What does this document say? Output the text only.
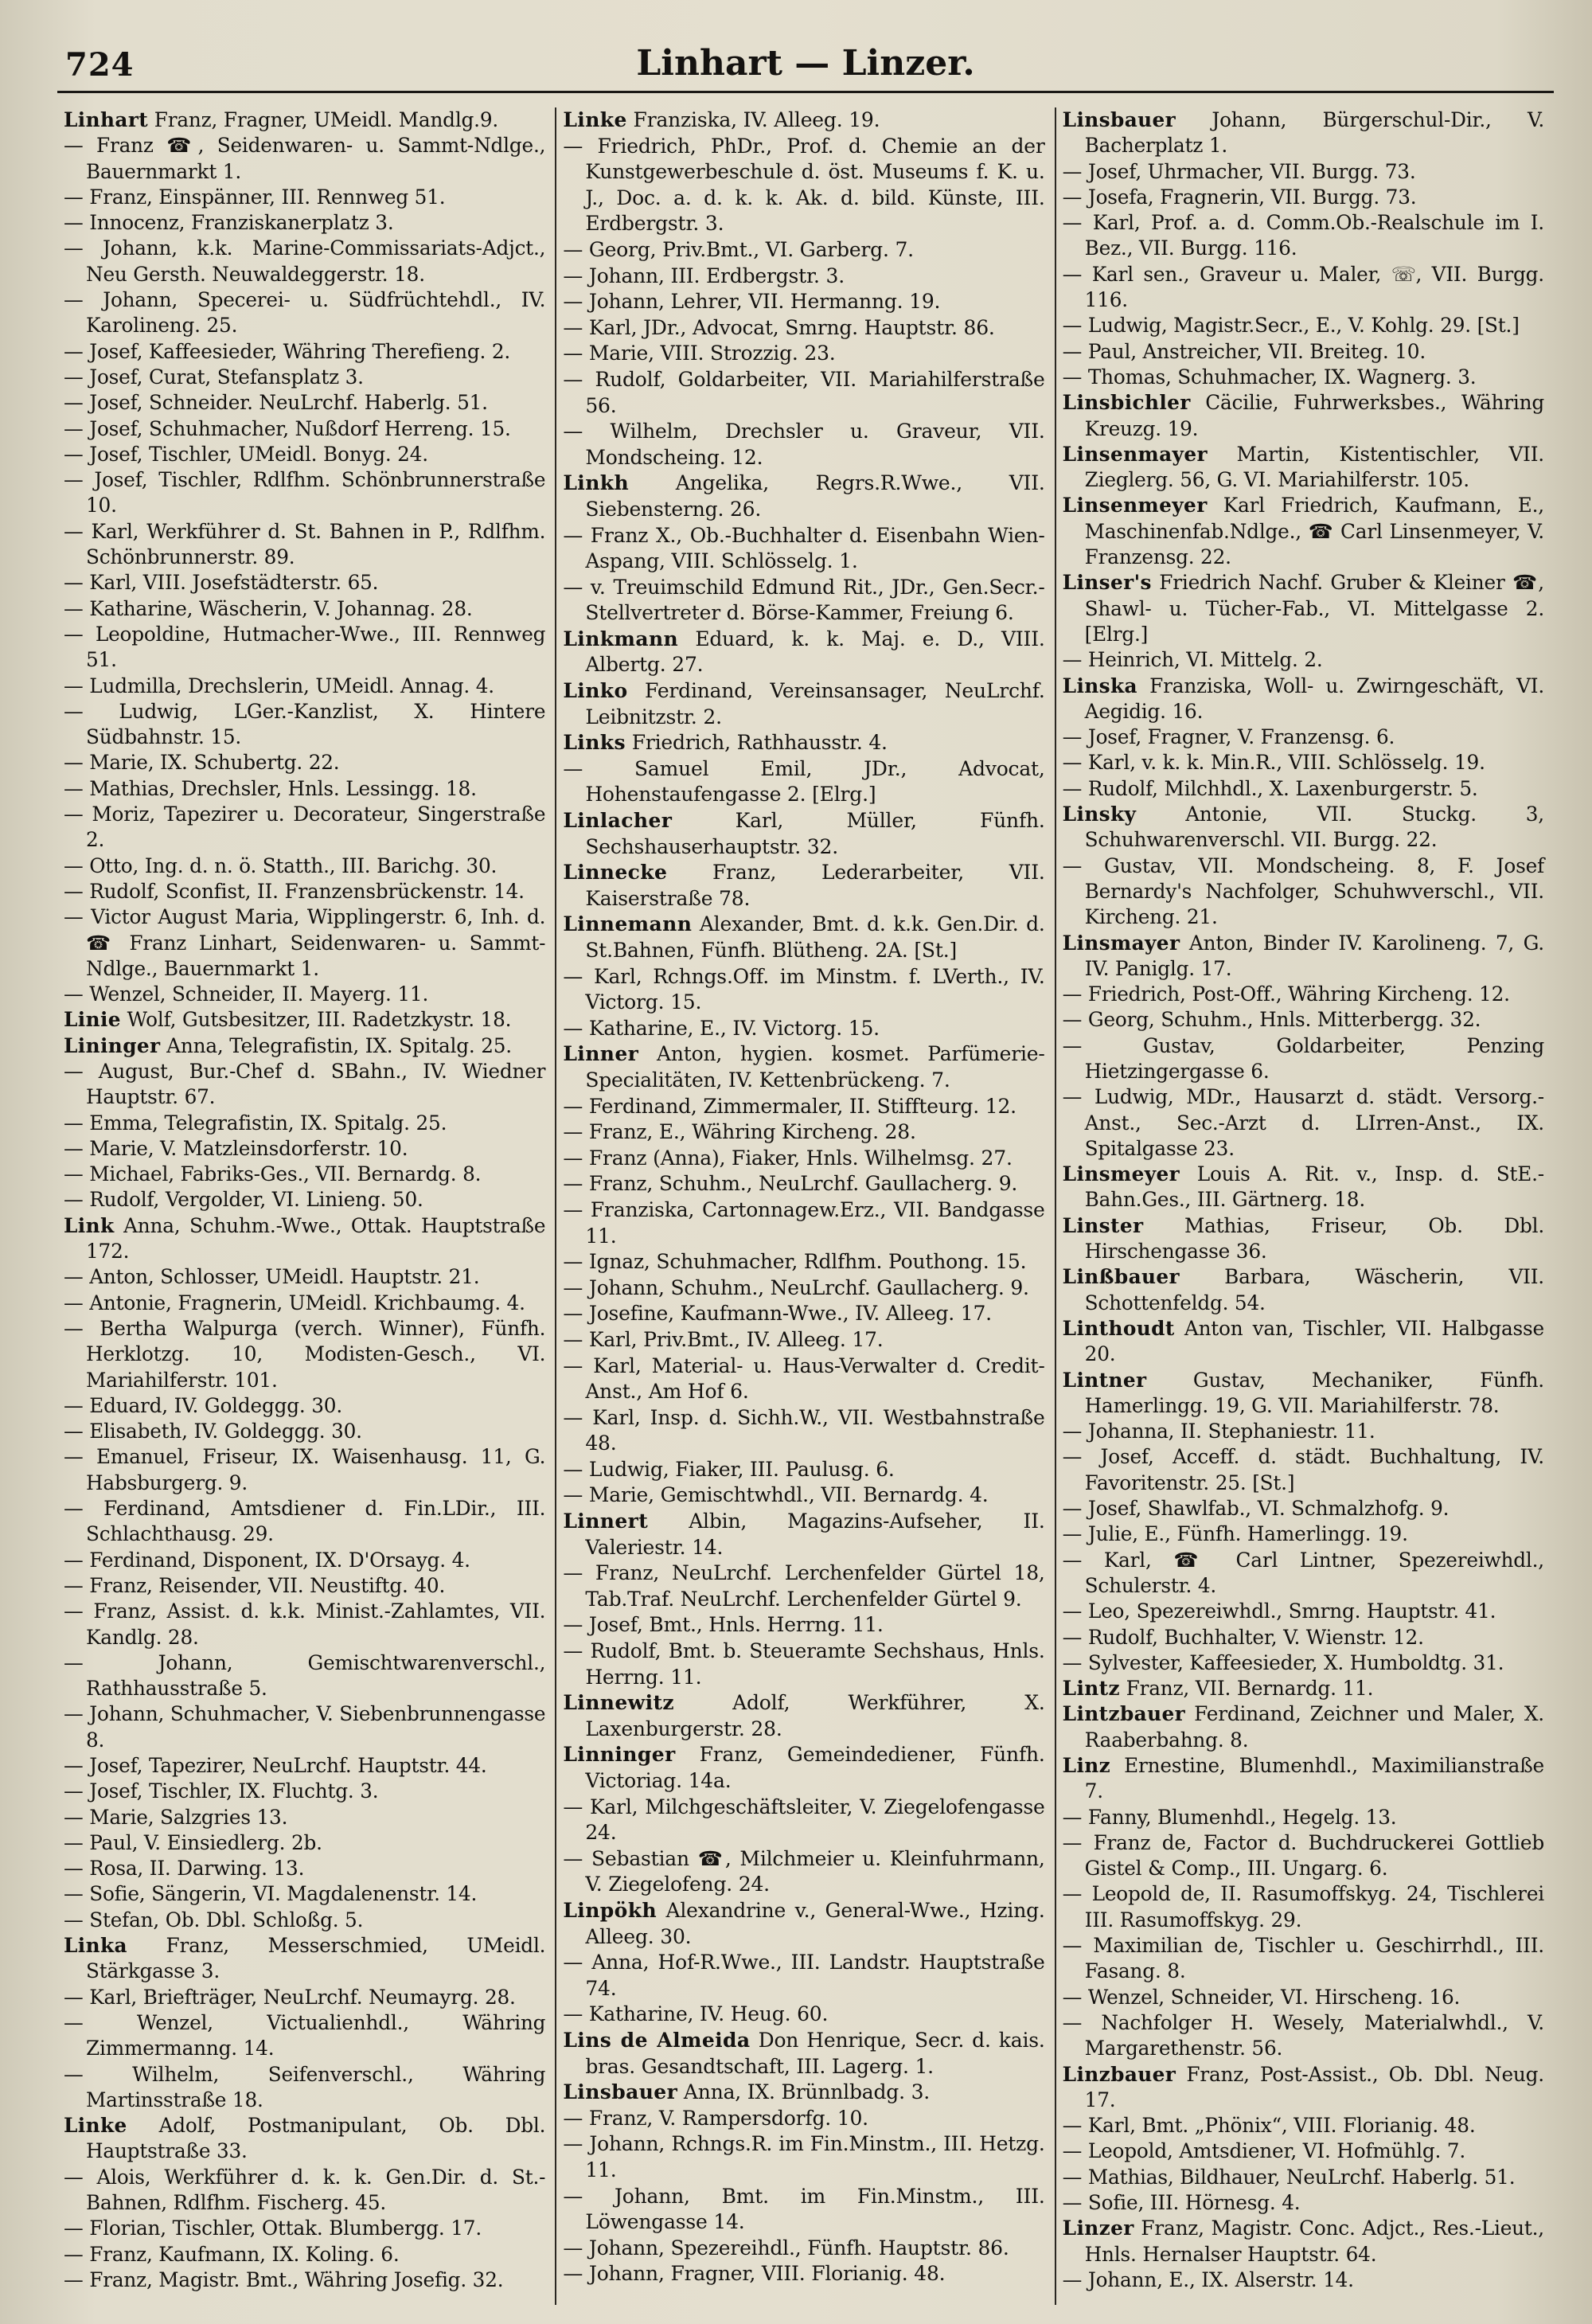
724	Linhart — Linzer.
Linhart Franz, Fragner, UMeidl. Mandlg.9.
— Franz ☎, Seidenwaren- u. Sammt-Ndlge., Bauernmarkt 1.
— Franz, Einspänner, III. Rennweg 51.
— Innocenz, Franziskanerplatz 3.
— Johann, k.k. Marine-Commissariats-Adjct., Neu Gersth. Neuwaldeggerstr. 18.
— Johann, Specerei- u. Südfrüchtehdl., IV. Karolineng. 25.
— Josef, Kaffeesieder, Währing Therefieng. 2.
— Josef, Curat, Stefansplatz 3.
— Josef, Schneider. NeuLrchf. Haberlg. 51.
— Josef, Schuhmacher, Nußdorf Herreng. 15.
— Josef, Tischler, UMeidl. Bonyg. 24.
— Josef, Tischler, Rdlfhm. Schönbrunnerstraße 10.
— Karl, Werkführer d. St. Bahnen in P., Rdlfhm. Schönbrunnerstr. 89.
— Karl, VIII. Josefstädterstr. 65.
— Katharine, Wäscherin, V. Johannag. 28.
— Leopoldine, Hutmacher-Wwe., III. Rennweg 51.
— Ludmilla, Drechslerin, UMeidl. Annag. 4.
— Ludwig, LGer.-Kanzlist, X. Hintere Südbahnstr. 15.
— Marie, IX. Schubertg. 22.
— Mathias, Drechsler, Hnls. Lessingg. 18.
— Moriz, Tapezirer u. Decorateur, Singerstraße 2.
— Otto, Ing. d. n. ö. Statth., III. Barichg. 30.
— Rudolf, Sconfist, II. Franzensbrückenstr. 14.
— Victor August Maria, Wipplingerstr. 6, Inh. d. ☎ Franz Linhart, Seidenwaren- u. Sammt-Ndlge., Bauernmarkt 1.
— Wenzel, Schneider, II. Mayerg. 11.
Linie Wolf, Gutsbesitzer, III. Radetzkystr. 18.
Lininger Anna, Telegrafistin, IX. Spitalg. 25.
— August, Bur.-Chef d. SBahn., IV. Wiedner Hauptstr. 67.
— Emma, Telegrafistin, IX. Spitalg. 25.
— Marie, V. Matzleinsdorferstr. 10.
— Michael, Fabriks-Ges., VII. Bernardg. 8.
— Rudolf, Vergolder, VI. Linieng. 50.
Link Anna, Schuhm.-Wwe., Ottak. Hauptstraße 172.
— Anton, Schlosser, UMeidl. Hauptstr. 21.
— Antonie, Fragnerin, UMeidl. Krichbaumg. 4.
— Bertha Walpurga (verch. Winner), Fünfh. Herklotzg. 10, Modisten-Gesch., VI. Mariahilferstr. 101.
— Eduard, IV. Goldeggg. 30.
— Elisabeth, IV. Goldeggg. 30.
— Emanuel, Friseur, IX. Waisenhausg. 11, G. Habsburgerg. 9.
— Ferdinand, Amtsdiener d. Fin.LDir., III. Schlachthausg. 29.
— Ferdinand, Disponent, IX. D'Orsayg. 4.
— Franz, Reisender, VII. Neustiftg. 40.
— Franz, Assist. d. k.k. Minist.-Zahlamtes, VII. Kandlg. 28.
— Johann, Gemischtwarenverschl., Rathhausstraße 5.
— Johann, Schuhmacher, V. Siebenbrunnengasse 8.
— Josef, Tapezirer, NeuLrchf. Hauptstr. 44.
— Josef, Tischler, IX. Fluchtg. 3.
— Marie, Salzgries 13.
— Paul, V. Einsiedlerg. 2b.
— Rosa, II. Darwing. 13.
— Sofie, Sängerin, VI. Magdalenenstr. 14.
— Stefan, Ob. Dbl. Schloßg. 5.
Linka Franz, Messerschmied, UMeidl. Stärkgasse 3.
— Karl, Briefträger, NeuLrchf. Neumayrg. 28.
— Wenzel, Victualienhdl., Währing Zimmermanng. 14.
— Wilhelm, Seifenverschl., Währing Martinsstraße 18.
Linke Adolf, Postmanipulant, Ob. Dbl. Hauptstraße 33.
— Alois, Werkführer d. k. k. Gen.Dir. d. St.-Bahnen, Rdlfhm. Fischerg. 45.
— Florian, Tischler, Ottak. Blumbergg. 17.
— Franz, Kaufmann, IX. Koling. 6.
— Franz, Magistr. Bmt., Währing Josefig. 32.
Linke Franziska, IV. Alleeg. 19.
— Friedrich, PhDr., Prof. d. Chemie an der Kunstgewerbeschule d. öst. Museums f. K. u. J., Doc. a. d. k. k. Ak. d. bild. Künste, III. Erdbergstr. 3.
— Georg, Priv.Bmt., VI. Garberg. 7.
— Johann, III. Erdbergstr. 3.
— Johann, Lehrer, VII. Hermanng. 19.
— Karl, JDr., Advocat, Smrng. Hauptstr. 86.
— Marie, VIII. Strozzig. 23.
— Rudolf, Goldarbeiter, VII. Mariahilferstraße 56.
— Wilhelm, Drechsler u. Graveur, VII. Mondscheing. 12.
Linkh Angelika, Regrs.R.Wwe., VII. Siebensterng. 26.
— Franz X., Ob.-Buchhalter d. Eisenbahn Wien-Aspang, VIII. Schlösselg. 1.
— v. Treuimschild Edmund Rit., JDr., Gen.Secr.-Stellvertreter d. Börse-Kammer, Freiung 6.
Linkmann Eduard, k. k. Maj. e. D., VIII. Albertg. 27.
Linko Ferdinand, Vereinsansager, NeuLrchf. Leibnitzstr. 2.
Links Friedrich, Rathhausstr. 4.
— Samuel Emil, JDr., Advocat, Hohenstaufengasse 2. [Elrg.]
Linlacher Karl, Müller, Fünfh. Sechshauserhauptstr. 32.
Linnecke Franz, Lederarbeiter, VII. Kaiserstraße 78.
Linnemann Alexander, Bmt. d. k.k. Gen.Dir. d. St.Bahnen, Fünfh. Blütheng. 2A. [St.]
— Karl, Rchngs.Off. im Minstm. f. LVerth., IV. Victorg. 15.
— Katharine, E., IV. Victorg. 15.
Linner Anton, hygien. kosmet. Parfümerie-Specialitäten, IV. Kettenbrückeng. 7.
— Ferdinand, Zimmermaler, II. Stiffteurg. 12.
— Franz, E., Währing Kircheng. 28.
— Franz (Anna), Fiaker, Hnls. Wilhelmsg. 27.
— Franz, Schuhm., NeuLrchf. Gaullacherg. 9.
— Franziska, Cartonnagew.Erz., VII. Bandgasse 11.
— Ignaz, Schuhmacher, Rdlfhm. Pouthong. 15.
— Johann, Schuhm., NeuLrchf. Gaullacherg. 9.
— Josefine, Kaufmann-Wwe., IV. Alleeg. 17.
— Karl, Priv.Bmt., IV. Alleeg. 17.
— Karl, Material- u. Haus-Verwalter d. Credit-Anst., Am Hof 6.
— Karl, Insp. d. Sichh.W., VII. Westbahnstraße 48.
— Ludwig, Fiaker, III. Paulusg. 6.
— Marie, Gemischtwhdl., VII. Bernardg. 4.
Linnert Albin, Magazins-Aufseher, II. Valeriestr. 14.
— Franz, NeuLrchf. Lerchenfelder Gürtel 18, Tab.Traf. NeuLrchf. Lerchenfelder Gürtel 9.
— Josef, Bmt., Hnls. Herrng. 11.
— Rudolf, Bmt. b. Steueramte Sechshaus, Hnls. Herrng. 11.
Linnewitz Adolf, Werkführer, X. Laxenburgerstr. 28.
Linninger Franz, Gemeindediener, Fünfh. Victoriag. 14a.
— Karl, Milchgeschäftsleiter, V. Ziegelofengasse 24.
— Sebastian ☎, Milchmeier u. Kleinfuhrmann, V. Ziegelofeng. 24.
Linpökh Alexandrine v., General-Wwe., Hzing. Alleeg. 30.
— Anna, Hof-R.Wwe., III. Landstr. Hauptstraße 74.
— Katharine, IV. Heug. 60.
Lins de Almeida Don Henrique, Secr. d. kais. bras. Gesandtschaft, III. Lagerg. 1.
Linsbauer Anna, IX. Brünnlbadg. 3.
— Franz, V. Rampersdorfg. 10.
— Johann, Rchngs.R. im Fin.Minstm., III. Hetzg. 11.
— Johann, Bmt. im Fin.Minstm., III. Löwengasse 14.
— Johann, Spezereihdl., Fünfh. Hauptstr. 86.
— Johann, Fragner, VIII. Florianig. 48.
Linsbauer Johann, Bürgerschul-Dir., V. Bacherplatz 1.
— Josef, Uhrmacher, VII. Burgg. 73.
— Josefa, Fragnerin, VII. Burgg. 73.
— Karl, Prof. a. d. Comm.Ob.-Realschule im I. Bez., VII. Burgg. 116.
— Karl sen., Graveur u. Maler, ☏, VII. Burgg. 116.
— Ludwig, Magistr.Secr., E., V. Kohlg. 29. [St.]
— Paul, Anstreicher, VII. Breiteg. 10.
— Thomas, Schuhmacher, IX. Wagnerg. 3.
Linsbichler Cäcilie, Fuhrwerksbes., Währing Kreuzg. 19.
Linsenmayer Martin, Kistentischler, VII. Zieglerg. 56, G. VI. Mariahilferstr. 105.
Linsenmeyer Karl Friedrich, Kaufmann, E., Maschinenfab.Ndlge., ☎ Carl Linsenmeyer, V. Franzensg. 22.
Linser's Friedrich Nachf. Gruber & Kleiner ☎, Shawl- u. Tücher-Fab., VI. Mittelgasse 2. [Elrg.]
— Heinrich, VI. Mittelg. 2.
Linska Franziska, Woll- u. Zwirngeschäft, VI. Aegidig. 16.
— Josef, Fragner, V. Franzensg. 6.
— Karl, v. k. k. Min.R., VIII. Schlösselg. 19.
— Rudolf, Milchhdl., X. Laxenburgerstr. 5.
Linsky Antonie, VII. Stuckg. 3, Schuhwarenverschl. VII. Burgg. 22.
— Gustav, VII. Mondscheing. 8, F. Josef Bernardy's Nachfolger, Schuhwverschl., VII. Kircheng. 21.
Linsmayer Anton, Binder IV. Karolineng. 7, G. IV. Paniglg. 17.
— Friedrich, Post-Off., Währing Kircheng. 12.
— Georg, Schuhm., Hnls. Mitterbergg. 32.
— Gustav, Goldarbeiter, Penzing Hietzingergasse 6.
— Ludwig, MDr., Hausarzt d. städt. Versorg.-Anst., Sec.-Arzt d. LIrren-Anst., IX. Spitalgasse 23.
Linsmeyer Louis A. Rit. v., Insp. d. StE.-Bahn.Ges., III. Gärtnerg. 18.
Linster Mathias, Friseur, Ob. Dbl. Hirschengasse 36.
Linßbauer Barbara, Wäscherin, VII. Schottenfeldg. 54.
Linthoudt Anton van, Tischler, VII. Halbgasse 20.
Lintner Gustav, Mechaniker, Fünfh. Hamerlingg. 19, G. VII. Mariahilferstr. 78.
— Johanna, II. Stephaniestr. 11.
— Josef, Acceff. d. städt. Buchhaltung, IV. Favoritenstr. 25. [St.]
— Josef, Shawlfab., VI. Schmalzhofg. 9.
— Julie, E., Fünfh. Hamerlingg. 19.
— Karl, ☎ Carl Lintner, Spezereiwhdl., Schulerstr. 4.
— Leo, Spezereiwhdl., Smrng. Hauptstr. 41.
— Rudolf, Buchhalter, V. Wienstr. 12.
— Sylvester, Kaffeesieder, X. Humboldtg. 31.
Lintz Franz, VII. Bernardg. 11.
Lintzbauer Ferdinand, Zeichner und Maler, X. Raaberbahng. 8.
Linz Ernestine, Blumenhdl., Maximilianstraße 7.
— Fanny, Blumenhdl., Hegelg. 13.
— Franz de, Factor d. Buchdruckerei Gottlieb Gistel & Comp., III. Ungarg. 6.
— Leopold de, II. Rasumoffskyg. 24, Tischlerei III. Rasumoffskyg. 29.
— Maximilian de, Tischler u. Geschirrhdl., III. Fasang. 8.
— Wenzel, Schneider, VI. Hirscheng. 16.
— Nachfolger H. Wesely, Materialwhdl., V. Margarethenstr. 56.
Linzbauer Franz, Post-Assist., Ob. Dbl. Neug. 17.
— Karl, Bmt. „Phönix“, VIII. Florianig. 48.
— Leopold, Amtsdiener, VI. Hofmühlg. 7.
— Mathias, Bildhauer, NeuLrchf. Haberlg. 51.
— Sofie, III. Hörnesg. 4.
Linzer Franz, Magistr. Conc. Adjct., Res.-Lieut., Hnls. Hernalser Hauptstr. 64.
— Johann, E., IX. Alserstr. 14.
